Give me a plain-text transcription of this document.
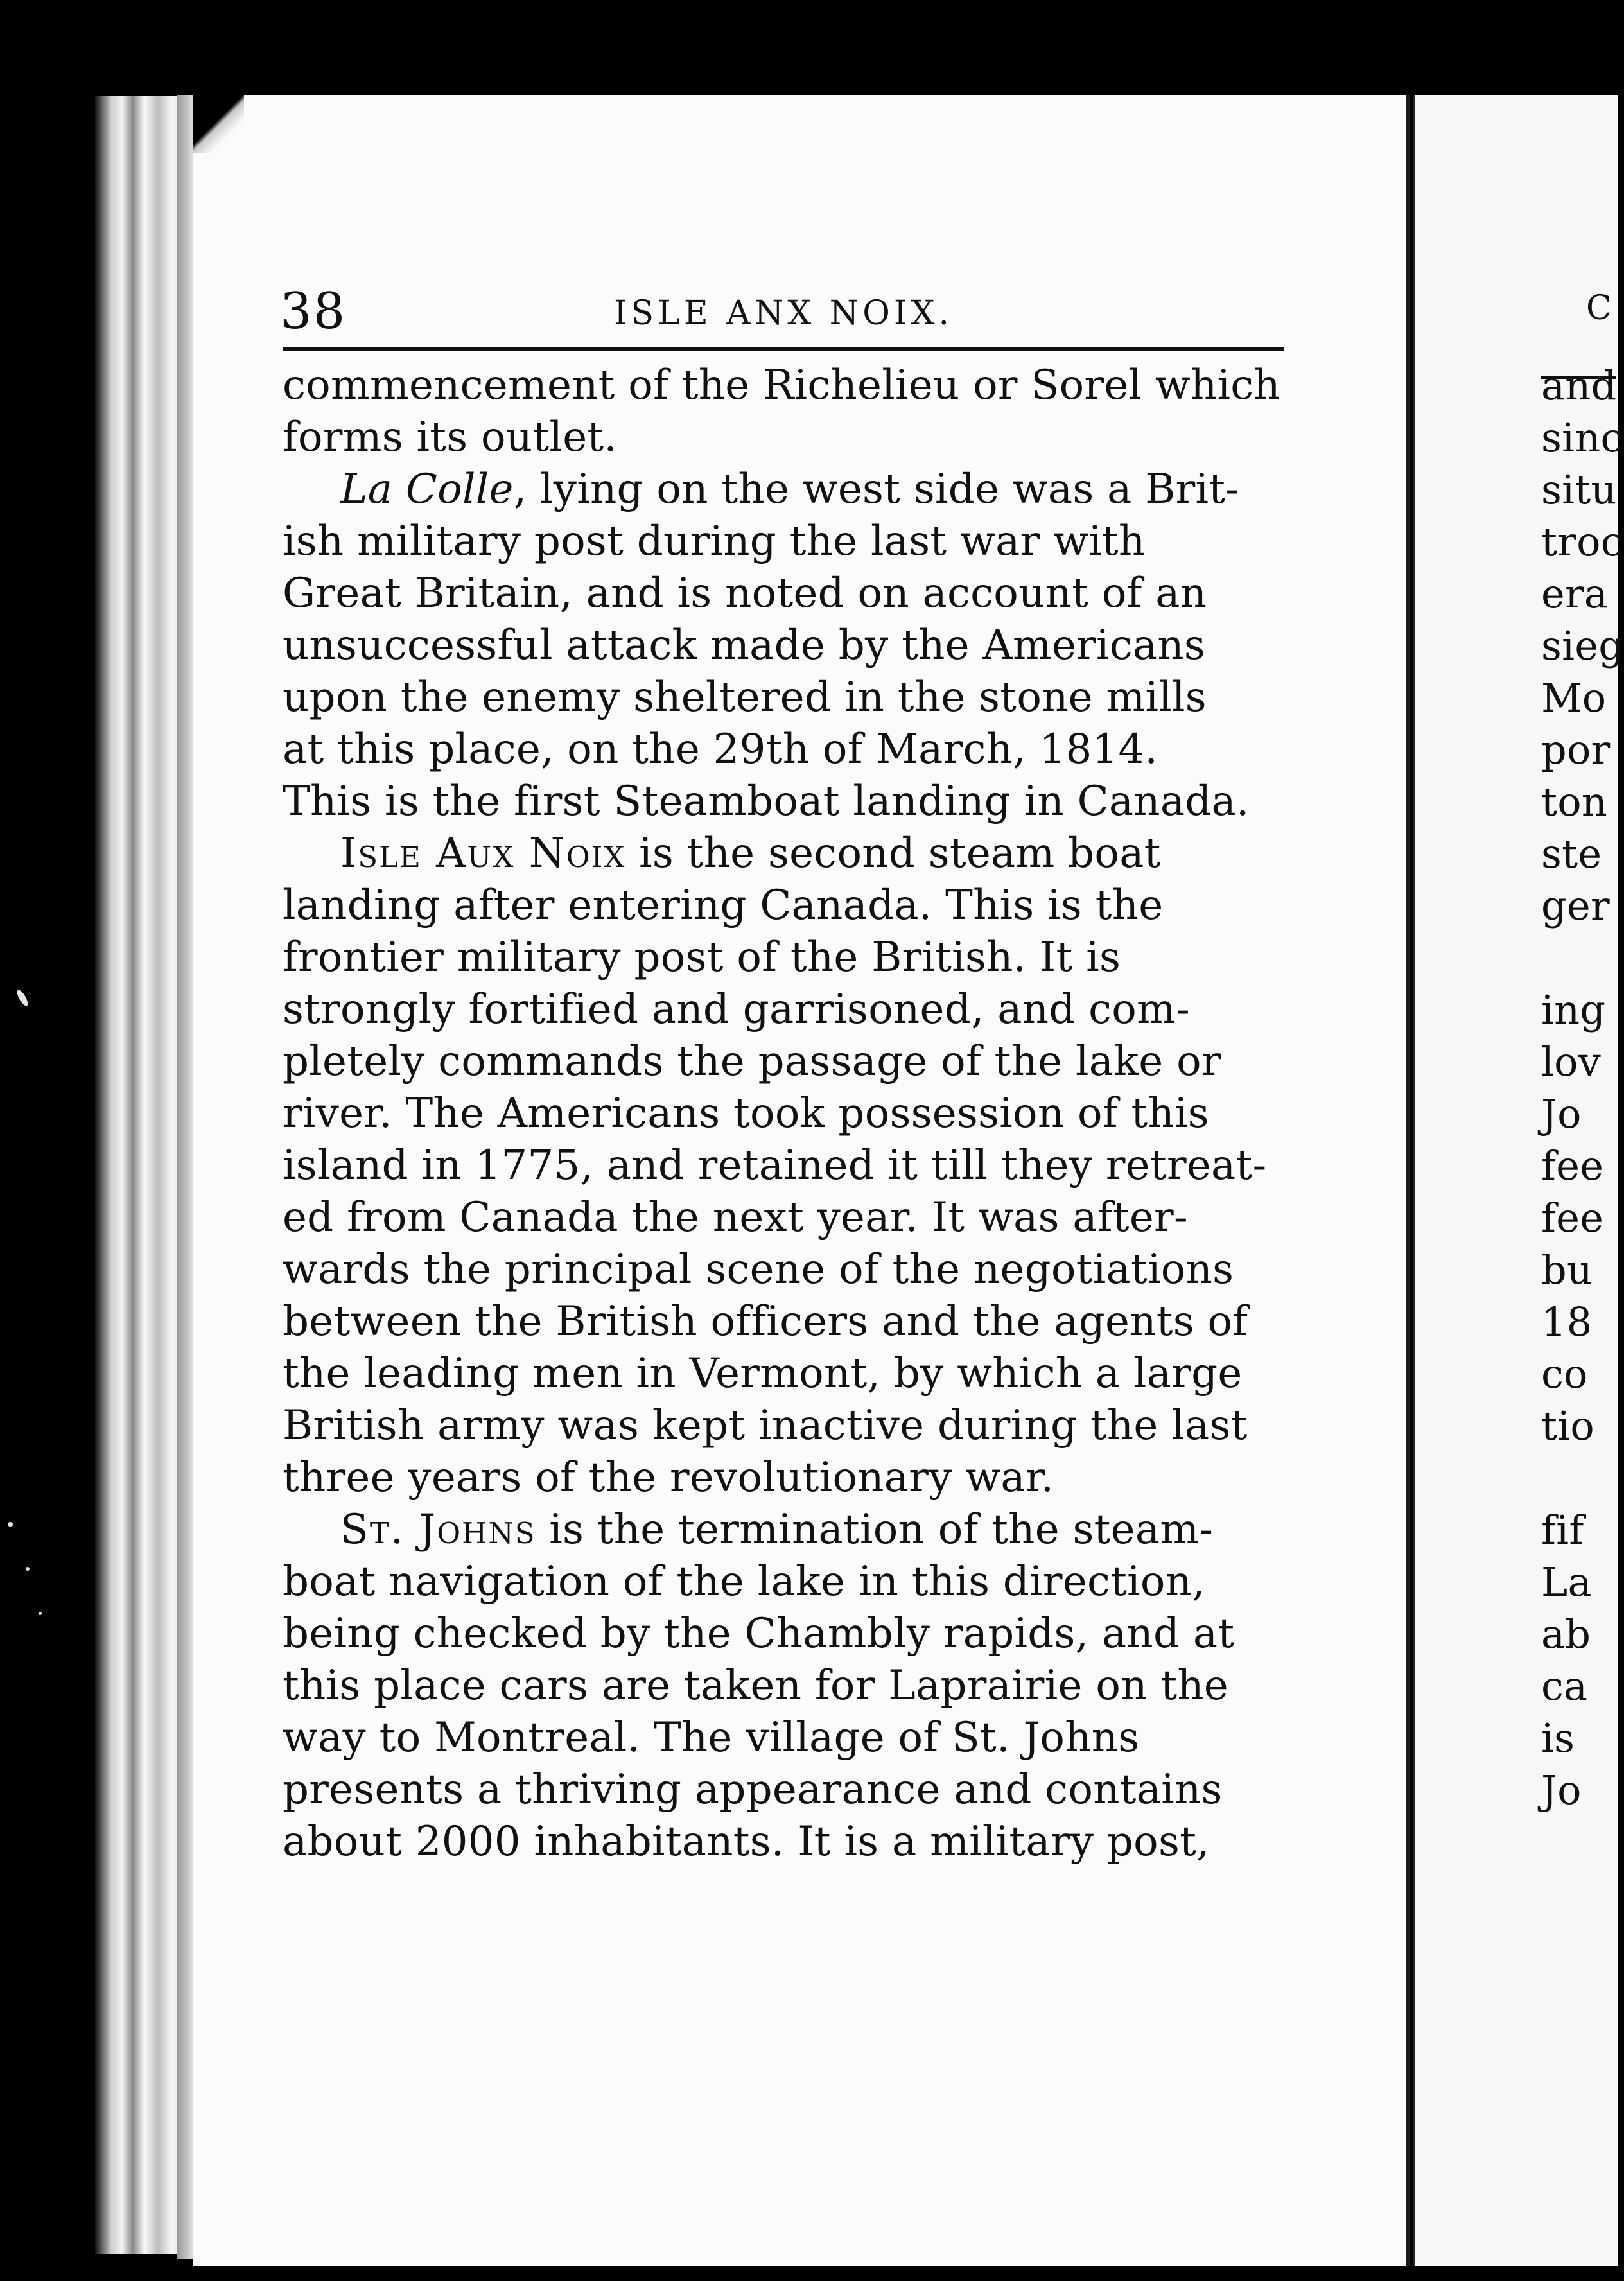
38	ISLE ANX NOIX.
commencement of the Richelieu or Sorel which
forms its outlet.
La Colle, lying on the west side was a Brit-
ish military post during the last war with
Great Britain, and is noted on account of an
unsuccessful attack made by the Americans
upon the enemy sheltered in the stone mills
at this place, on the 29th of March, 1814.
This is the first Steamboat landing in Canada.
Isle Aux Noix is the second steam boat
landing after entering Canada. This is the
frontier military post of the British. It is
strongly fortified and garrisoned, and com-
pletely commands the passage of the lake or
river. The Americans took possession of this
island in 1775, and retained it till they retreat-
ed from Canada the next year. It was after-
wards the principal scene of the negotiations
between the British officers and the agents of
the leading men in Vermont, by which a large
British army was kept inactive during the last
three years of the revolutionary war.
St. Johns is the termination of the steam-
boat navigation of the lake in this direction,
being checked by the Chambly rapids, and at
this place cars are taken for Laprairie on the
way to Montreal. The village of St. Johns
presents a thriving appearance and contains
about 2000 inhabitants. It is a military post,
C
and
sinc
situ
troc
era
sieg
Mo
por
ton
ste
ger
ing
lov
Jo
fee
fee
bu
18
co
tio
fif
La
ab
ca
is
Jo
